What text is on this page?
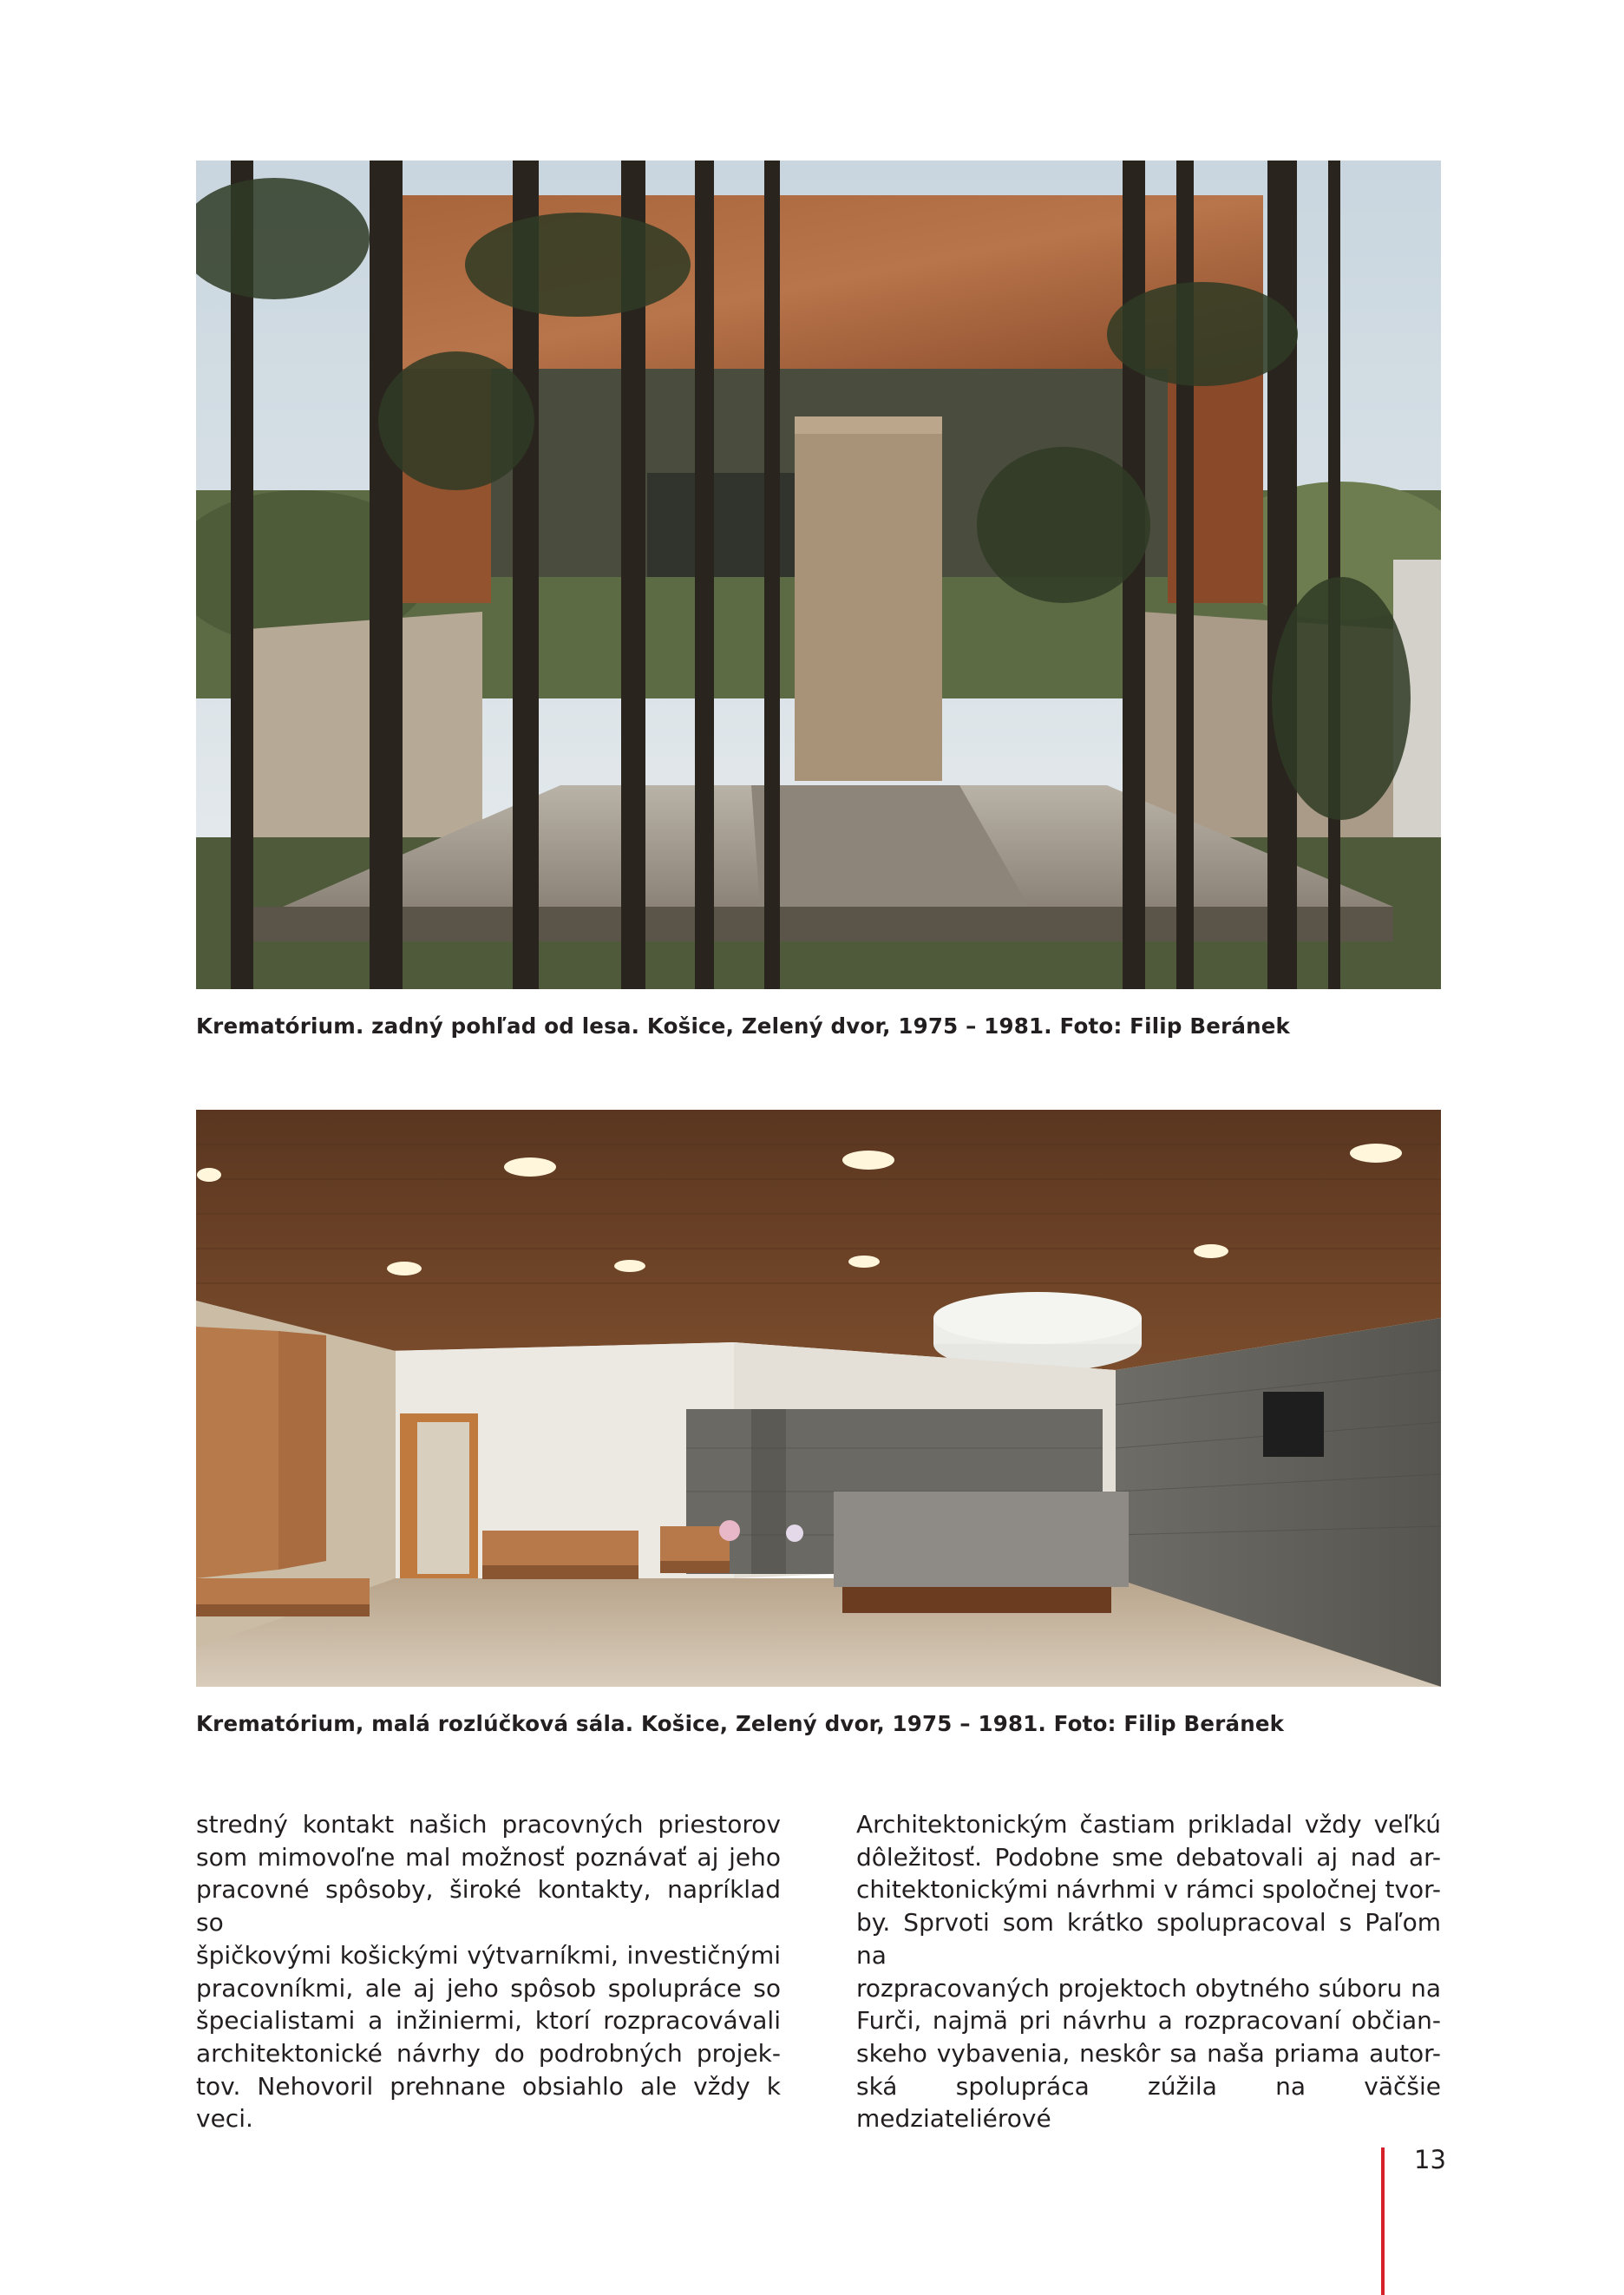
Krematórium. zadný pohľad od lesa. Košice, Zelený dvor, 1975 – 1981. Foto: Filip Beránek
Krematórium, malá rozlúčková sála. Košice, Zelený dvor, 1975 – 1981. Foto: Filip Beránek
stredný kontakt našich pracovných priestorov
som mimovoľne mal možnosť poznávať aj jeho
pracovné spôsoby, široké kontakty, napríklad so
špičkovými košickými výtvarníkmi, investičnými
pracovníkmi, ale aj jeho spôsob spolupráce so
špecialistami a inžiniermi, ktorí rozpracovávali
architektonické návrhy do podrobných projek-
tov. Nehovoril prehnane obsiahlo ale vždy k veci.
Architektonickým častiam prikladal vždy veľkú
dôležitosť. Podobne sme debatovali aj nad ar-
chitektonickými návrhmi v rámci spoločnej tvor-
by. Sprvoti som krátko spolupracoval s Paľom na
rozpracovaných projektoch obytného súboru na
Furči, najmä pri návrhu a rozpracovaní občian-
skeho vybavenia, neskôr sa naša priama autor-
ská spolupráca zúžila na väčšie medziateliérové
13
